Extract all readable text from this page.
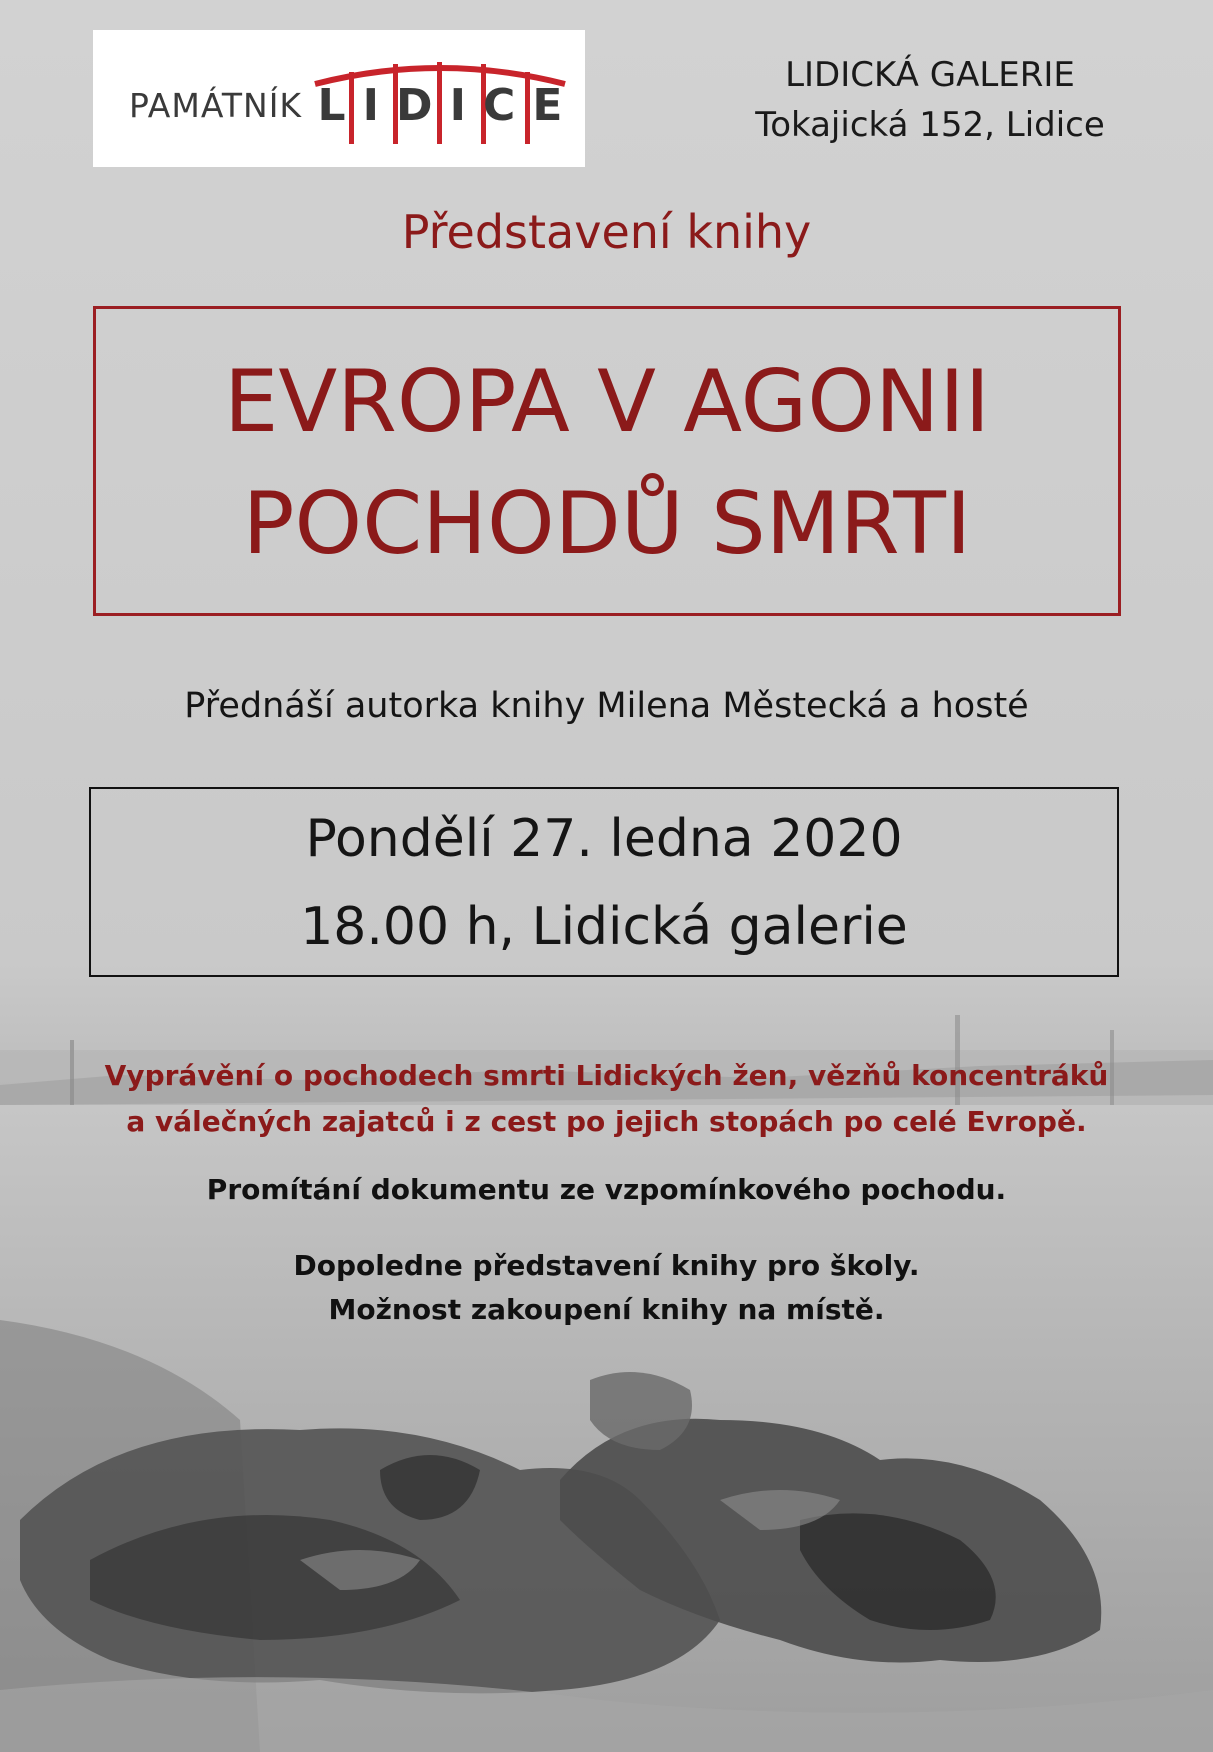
PAMÁTNÍK L I D I C E
LIDICKÁ GALERIE
Tokajická 152, Lidice
Představení knihy
EVROPA V AGONII
POCHODŮ SMRTI
Přednáší autorka knihy Milena Městecká a hosté
Pondělí 27. ledna 2020
18.00 h, Lidická galerie
Vyprávění o pochodech smrti Lidických žen, vězňů koncentráků
a válečných zajatců i z cest po jejich stopách po celé Evropě.
Promítání dokumentu ze vzpomínkového pochodu.
Dopoledne představení knihy pro školy.
Možnost zakoupení knihy na místě.
